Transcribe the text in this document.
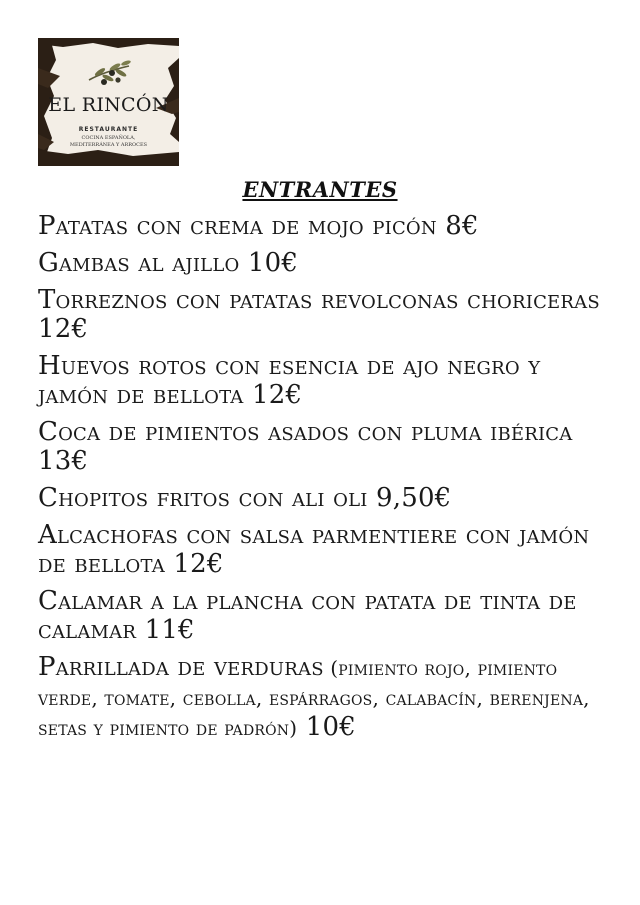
EL RINCÓN
RESTAURANTE
COCINA ESPAÑOLA, MEDITERRÁNEA Y ARROCES
ENTRANTES
Patatas con crema de mojo picón 8€
Gambas al ajillo 10€
Torreznos con patatas revolconas choriceras 12€
Huevos rotos con esencia de ajo negro y jamón de bellota 12€
Coca de pimientos asados con pluma ibérica 13€
Chopitos fritos con ali oli 9,50€
Alcachofas con salsa parmentiere con jamón de bellota 12€
Calamar a la plancha con patata de tinta de calamar 11€
Parrillada de verduras (pimiento rojo, pimiento verde, tomate, cebolla, espárragos, calabacín, berenjena, setas y pimiento de padrón) 10€
